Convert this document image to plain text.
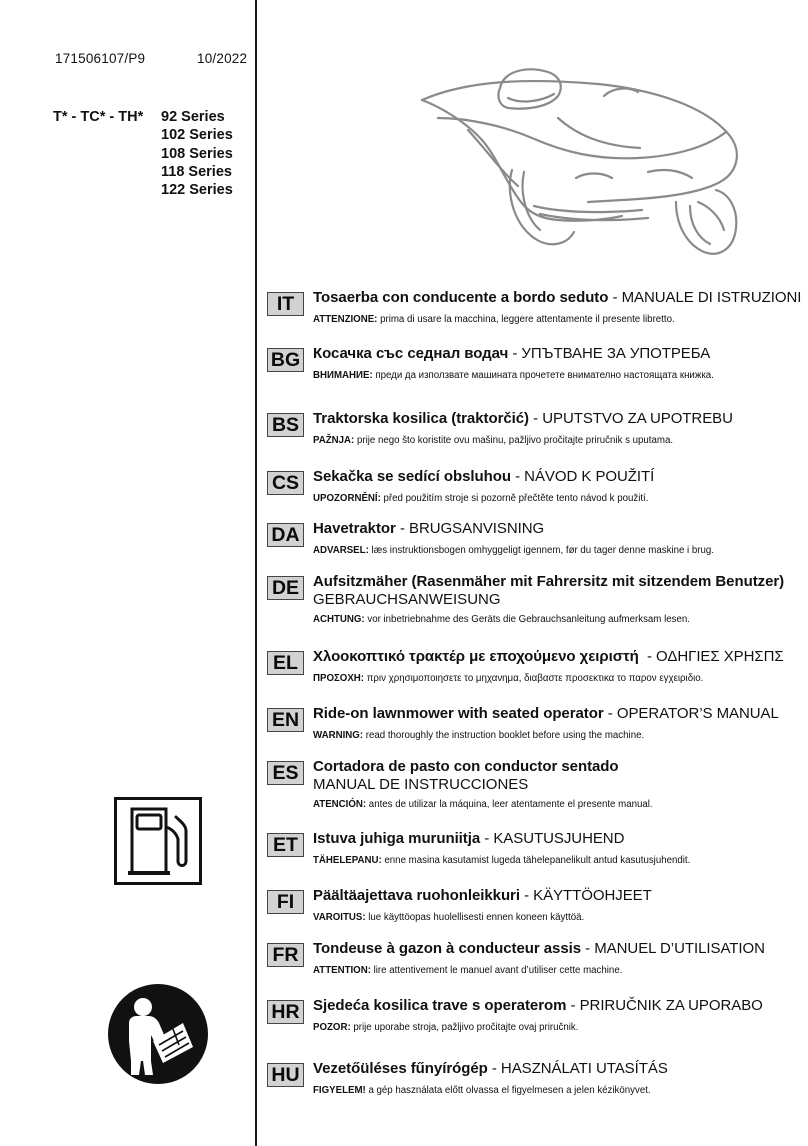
171506107/P9	10/2022
T* - TC* - TH* 92 Series
102 Series
108 Series
118 Series
122 Series
IT	Tosaerba con conducente a bordo seduto - MANUALE DI ISTRUZIONI
ATTENZIONE: prima di usare la macchina, leggere attentamente il presente libretto.
BG Косачка със седнал водач - УПЪТВАНЕ ЗА УПОТРЕБА
ВНИМАНИЕ: преди да използвате машината прочетете внимателно настоящата книжка.
BS Traktorska kosilica (traktorčić) - UPUTSTVO ZA UPOTREBU
PAŽNJA: prije nego što koristite ovu mašinu, pažljivo pročitajte priručnik s uputama.
CS Sekačka se sedící obsluhou - NÁVOD K POUŽITÍ
UPOZORNĚNÍ: před použitím stroje si pozorně přečtěte tento návod k použití.
DA Havetraktor - BRUGSANVISNING
ADVARSEL: læs instruktionsbogen omhyggeligt igennem, før du tager denne maskine i brug.
DE Aufsitzmäher (Rasenmäher mit Fahrersitz mit sitzendem Benutzer)
GEBRAUCHSANWEISUNG
ACHTUNG: vor inbetriebnahme des Geräts die Gebrauchsanleitung aufmerksam lesen.
EL	Χλοοκοπτικό τρακτέρ με εποχούμενο χειριστή  - ΟΔΗΓΙΕΣ ΧΡΗΣΠΣ
ΠΡΟΣΟΧΗ: πριν χρησιμοποιησετε το μηχανημα, διαβαστε προσεκτικα το παρον εγχειριδιο.
EN Ride-on lawnmower with seated operator - OPERATOR’S MANUAL
WARNING: read thoroughly the instruction booklet before using the machine.
ES Cortadora de pasto con conductor sentado
MANUAL DE INSTRUCCIONES
ATENCIÓN: antes de utilizar la máquina, leer atentamente el presente manual.
ET	Istuva juhiga muruniitja - KASUTUSJUHEND
TÄHELEPANU: enne masina kasutamist lugeda tähelepanelikult antud kasutusjuhendit.
FI	Päältäajettava ruohonleikkuri - KÄYTTÖOHJEET
VAROITUS: lue käyttöopas huolellisesti ennen koneen käyttöä.
FR Tondeuse à gazon à conducteur assis - MANUEL D’UTILISATION
ATTENTION: lire attentivement le manuel avant d’utiliser cette machine.
HR Sjedeća kosilica trave s operaterom - PRIRUČNIK ZA UPORABO
POZOR: prije uporabe stroja, pažljivo pročitajte ovaj priručnik.
HU Vezetőüléses fűnyírógép - HASZNÁLATI UTASÍTÁS
FIGYELEM! a gép használata előtt olvassa el figyelmesen a jelen kézikönyvet.
